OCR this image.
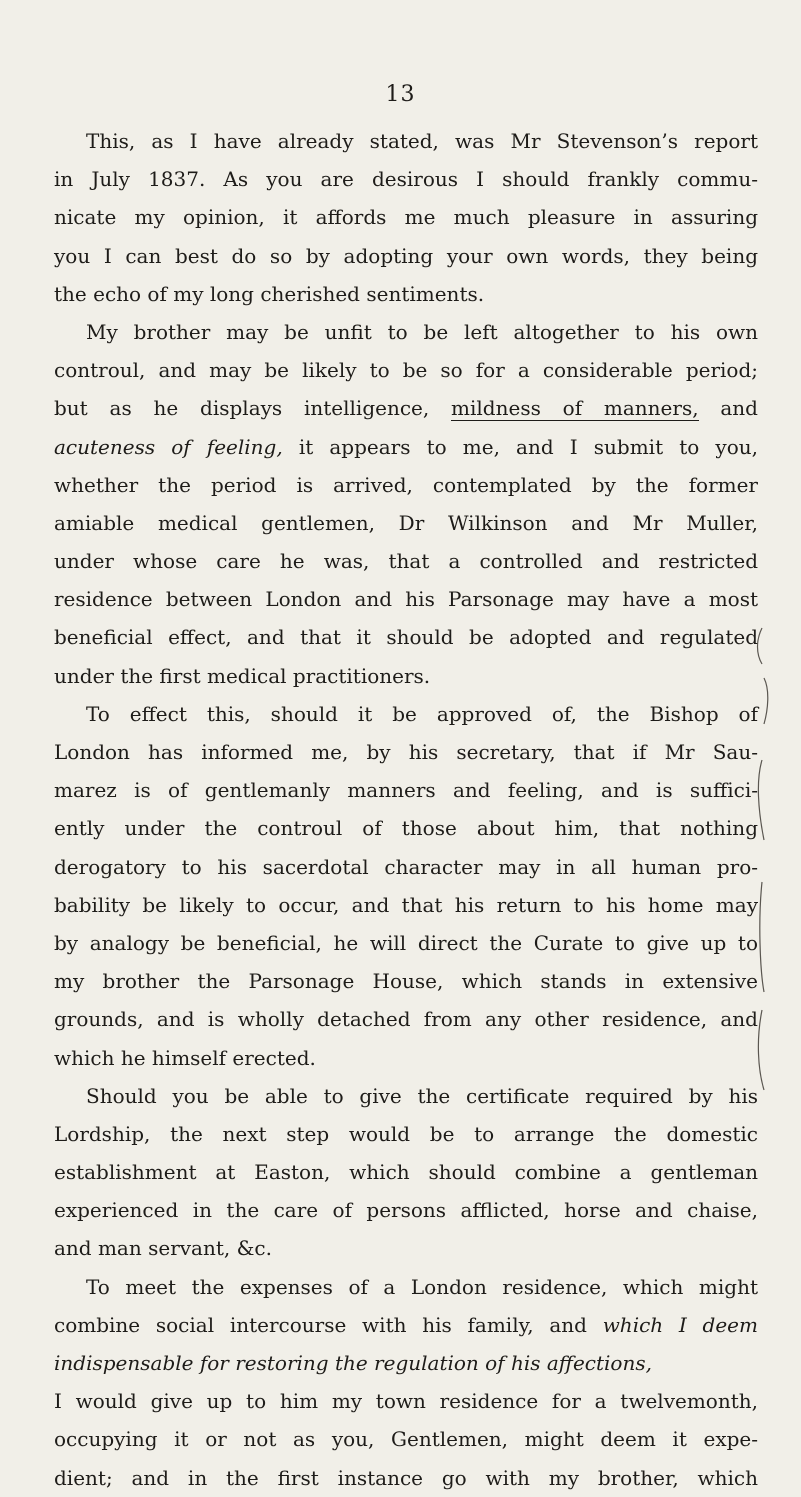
13
This, as I have already stated, was Mr Stevenson’s report
in July 1837. As you are desirous I should frankly commu-
nicate my opinion, it affords me much pleasure in assuring
you I can best do so by adopting your own words, they being
the echo of my long cherished sentiments.
My brother may be unfit to be left altogether to his own
controul, and may be likely to be so for a considerable period;
but as he displays intelligence, mildness of manners, and
acuteness of feeling, it appears to me, and I submit to you,
whether the period is arrived, contemplated by the former
amiable medical gentlemen, Dr Wilkinson and Mr Muller,
under whose care he was, that a controlled and restricted
residence between London and his Parsonage may have a most
beneficial effect, and that it should be adopted and regulated
under the first medical practitioners.
To effect this, should it be approved of, the Bishop of
London has informed me, by his secretary, that if Mr Sau-
marez is of gentlemanly manners and feeling, and is suffici-
ently under the controul of those about him, that nothing
derogatory to his sacerdotal character may in all human pro-
bability be likely to occur, and that his return to his home may
by analogy be beneficial, he will direct the Curate to give up to
my brother the Parsonage House, which stands in extensive
grounds, and is wholly detached from any other residence, and
which he himself erected.
Should you be able to give the certificate required by his
Lordship, the next step would be to arrange the domestic
establishment at Easton, which should combine a gentleman
experienced in the care of persons afflicted, horse and chaise,
and man servant, &c.
To meet the expenses of a London residence, which might
combine social intercourse with his family, and which I deem
indispensable for restoring the regulation of his affections,
I would give up to him my town residence for a twelvemonth,
occupying it or not as you, Gentlemen, might deem it expe-
dient; and in the first instance go with my brother, which
